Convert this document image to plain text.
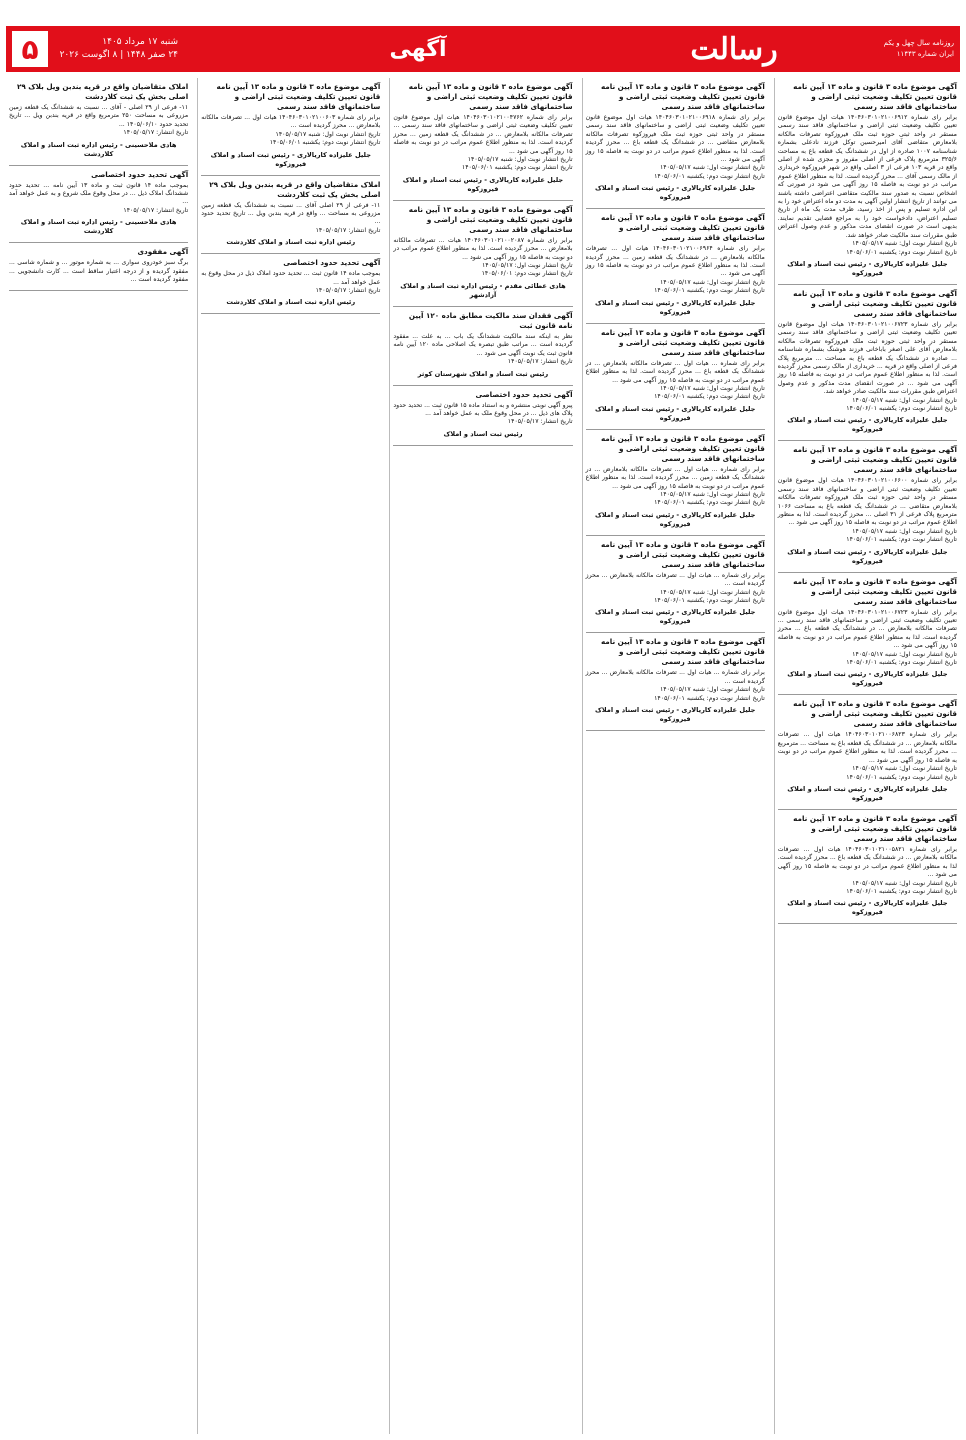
روزنامه سال چهل و یکم
ایران شماره ۱۱۴۴۳
رسالت
آگهی
شنبه ۱۷ مرداد ۱۴۰۵
۲۴ صفر ۱۴۴۸ | ۸ اگوست ۲۰۲۶
۵
آگهی موضوع ماده ۳ قانون و ماده ۱۳ آیین نامه قانون تعیین تکلیف وضعیت ثبتی اراضی و ساختمانهای فاقد سند رسمی
برابر رای شماره ۱۴۰۴۶۰۳۰۱۰۲۱۰۰۶۹۱۲ هیات اول موضوع قانون تعیین تکلیف وضعیت ثبتی اراضی و ساختمانهای فاقد سند رسمی مستقر در واحد ثبتی حوزه ثبت ملک فیروزکوه تصرفات مالکانه بلامعارض متقاضی آقای امیرحسین توکل فرزند نادعلی بشماره شناسنامه ۱۰۰۷ صادره از اول در ششدانگ یک قطعه باغ به مساحت ۳۲۵/۶ مترمربع پلاک فرعی از اصلی مفروز و مجزی شده از اصلی واقع در قریه ۱۰۳ فرعی از ۳ اصلی واقع در شهر فیروزکوه خریداری از مالک رسمی آقای ... محرز گردیده است. لذا به منظور اطلاع عموم مراتب در دو نوبت به فاصله ۱۵ روز آگهی می شود در صورتی که اشخاص نسبت به صدور سند مالکیت متقاضی اعتراضی داشته باشند می توانند از تاریخ انتشار اولین آگهی به مدت دو ماه اعتراض خود را به این اداره تسلیم و پس از اخذ رسید، ظرف مدت یک ماه از تاریخ تسلیم اعتراض، دادخواست خود را به مراجع قضایی تقدیم نمایند. بدیهی است در صورت انقضای مدت مذکور و عدم وصول اعتراض طبق مقررات سند مالکیت صادر خواهد شد.
تاریخ انتشار نوبت اول: شنبه ۱۴۰۵/۰۵/۱۷
تاریخ انتشار نوبت دوم: یکشنبه ۱۴۰۵/۰۶/۰۱
جلیل علیزاده کاریالاری - رئیس ثبت اسناد و املاک فیروزکوه
آگهی موضوع ماده ۳ قانون و ماده ۱۳ آیین نامه قانون تعیین تکلیف وضعیت ثبتی اراضی و ساختمانهای فاقد سند رسمی
برابر رای شماره ۱۴۰۴۶۰۳۰۱۰۲۱۰۰۶۷۲۳ هیات اول موضوع قانون تعیین تکلیف وضعیت ثبتی اراضی و ساختمانهای فاقد سند رسمی مستقر در واحد ثبتی حوزه ثبت ملک فیروزکوه تصرفات مالکانه بلامعارض آقای علی اصغر باباخانی فرزند هوشنگ بشماره شناسنامه ... صادره در ششدانگ یک قطعه باغ به مساحت ... مترمربع پلاک فرعی از اصلی واقع در قریه ... خریداری از مالک رسمی محرز گردیده است. لذا به منظور اطلاع عموم مراتب در دو نوبت به فاصله ۱۵ روز آگهی می شود ... در صورت انقضای مدت مذکور و عدم وصول اعتراض طبق مقررات سند مالکیت صادر خواهد شد.
تاریخ انتشار نوبت اول: شنبه ۱۴۰۵/۰۵/۱۷
تاریخ انتشار نوبت دوم: یکشنبه ۱۴۰۵/۰۶/۰۱
جلیل علیزاده کاریالاری - رئیس ثبت اسناد و املاک فیروزکوه
آگهی موضوع ماده ۳ قانون و ماده ۱۳ آیین نامه قانون تعیین تکلیف وضعیت ثبتی اراضی و ساختمانهای فاقد سند رسمی
برابر رای شماره ۱۴۰۴۶۰۳۰۱۰۲۱۰۰۶۶۰۰ هیات اول موضوع قانون تعیین تکلیف وضعیت ثبتی اراضی و ساختمانهای فاقد سند رسمی مستقر در واحد ثبتی حوزه ثبت ملک فیروزکوه تصرفات مالکانه بلامعارض متقاضی ... در ششدانگ یک قطعه باغ به مساحت ۱۰۶۶ مترمربع پلاک فرعی از ۳۱ اصلی ... محرز گردیده است. لذا به منظور اطلاع عموم مراتب در دو نوبت به فاصله ۱۵ روز آگهی می شود ...
تاریخ انتشار نوبت اول: شنبه ۱۴۰۵/۰۵/۱۷
تاریخ انتشار نوبت دوم: یکشنبه ۱۴۰۵/۰۶/۰۱
جلیل علیزاده کاریالاری - رئیس ثبت اسناد و املاک فیروزکوه
آگهی موضوع ماده ۳ قانون و ماده ۱۳ آیین نامه قانون تعیین تکلیف وضعیت ثبتی اراضی و ساختمانهای فاقد سند رسمی
برابر رای شماره ۱۴۰۴۶۰۳۰۱۰۲۱۰۰۶۷۲۳ هیات اول موضوع قانون تعیین تکلیف وضعیت ثبتی اراضی و ساختمانهای فاقد سند رسمی ... تصرفات مالکانه بلامعارض ... در ششدانگ یک قطعه باغ ... محرز گردیده است. لذا به منظور اطلاع عموم مراتب در دو نوبت به فاصله ۱۵ روز آگهی می شود ...
تاریخ انتشار نوبت اول: شنبه ۱۴۰۵/۰۵/۱۷
تاریخ انتشار نوبت دوم: یکشنبه ۱۴۰۵/۰۶/۰۱
جلیل علیزاده کاریالاری - رئیس ثبت اسناد و املاک فیروزکوه
آگهی موضوع ماده ۳ قانون و ماده ۱۳ آیین نامه قانون تعیین تکلیف وضعیت ثبتی اراضی و ساختمانهای فاقد سند رسمی
برابر رای شماره ۱۴۰۴۶۰۳۰۱۰۲۱۰۰۶۸۲۳ هیات اول ... تصرفات مالکانه بلامعارض ... در ششدانگ یک قطعه باغ به مساحت ... مترمربع ... محرز گردیده است. لذا به منظور اطلاع عموم مراتب در دو نوبت به فاصله ۱۵ روز آگهی می شود ...
تاریخ انتشار نوبت اول: شنبه ۱۴۰۵/۰۵/۱۷
تاریخ انتشار نوبت دوم: یکشنبه ۱۴۰۵/۰۶/۰۱
جلیل علیزاده کاریالاری - رئیس ثبت اسناد و املاک فیروزکوه
آگهی موضوع ماده ۳ قانون و ماده ۱۳ آیین نامه قانون تعیین تکلیف وضعیت ثبتی اراضی و ساختمانهای فاقد سند رسمی
برابر رای شماره ۱۴۰۴۶۰۳۰۱۰۲۱۰۰۵۸۲۱ هیات اول ... تصرفات مالکانه بلامعارض ... در ششدانگ یک قطعه باغ ... محرز گردیده است. لذا به منظور اطلاع عموم مراتب در دو نوبت به فاصله ۱۵ روز آگهی می شود ...
تاریخ انتشار نوبت اول: شنبه ۱۴۰۵/۰۵/۱۷
تاریخ انتشار نوبت دوم: یکشنبه ۱۴۰۵/۰۶/۰۱
جلیل علیزاده کاریالاری - رئیس ثبت اسناد و املاک فیروزکوه
آگهی موضوع ماده ۳ قانون و ماده ۱۳ آیین نامه قانون تعیین تکلیف وضعیت ثبتی اراضی و ساختمانهای فاقد سند رسمی
برابر رای شماره ۱۴۰۴۶۰۳۰۱۰۲۱۰۰۶۹۱۸ هیات اول موضوع قانون تعیین تکلیف وضعیت ثبتی اراضی و ساختمانهای فاقد سند رسمی مستقر در واحد ثبتی حوزه ثبت ملک فیروزکوه تصرفات مالکانه بلامعارض متقاضی ... در ششدانگ یک قطعه باغ ... محرز گردیده است. لذا به منظور اطلاع عموم مراتب در دو نوبت به فاصله ۱۵ روز آگهی می شود ...
تاریخ انتشار نوبت اول: شنبه ۱۴۰۵/۰۵/۱۷
تاریخ انتشار نوبت دوم: یکشنبه ۱۴۰۵/۰۶/۰۱
جلیل علیزاده کاریالاری - رئیس ثبت اسناد و املاک فیروزکوه
آگهی موضوع ماده ۳ قانون و ماده ۱۳ آیین نامه قانون تعیین تکلیف وضعیت ثبتی اراضی و ساختمانهای فاقد سند رسمی
برابر رای شماره ۱۴۰۴۶۰۳۰۱۰۲۱۰۰۶۹۶۴ هیات اول ... تصرفات مالکانه بلامعارض ... در ششدانگ یک قطعه زمین ... محرز گردیده است. لذا به منظور اطلاع عموم مراتب در دو نوبت به فاصله ۱۵ روز آگهی می شود ...
تاریخ انتشار نوبت اول: شنبه ۱۴۰۵/۰۵/۱۷
تاریخ انتشار نوبت دوم: یکشنبه ۱۴۰۵/۰۶/۰۱
جلیل علیزاده کاریالاری - رئیس ثبت اسناد و املاک فیروزکوه
آگهی موضوع ماده ۳ قانون و ماده ۱۳ آیین نامه قانون تعیین تکلیف وضعیت ثبتی اراضی و ساختمانهای فاقد سند رسمی
برابر رای شماره ... هیات اول ... تصرفات مالکانه بلامعارض ... در ششدانگ یک قطعه باغ ... محرز گردیده است. لذا به منظور اطلاع عموم مراتب در دو نوبت به فاصله ۱۵ روز آگهی می شود ...
تاریخ انتشار نوبت اول: شنبه ۱۴۰۵/۰۵/۱۷
تاریخ انتشار نوبت دوم: یکشنبه ۱۴۰۵/۰۶/۰۱
جلیل علیزاده کاریالاری - رئیس ثبت اسناد و املاک فیروزکوه
آگهی موضوع ماده ۳ قانون و ماده ۱۳ آیین نامه قانون تعیین تکلیف وضعیت ثبتی اراضی و ساختمانهای فاقد سند رسمی
برابر رای شماره ... هیات اول ... تصرفات مالکانه بلامعارض ... در ششدانگ یک قطعه زمین ... محرز گردیده است. لذا به منظور اطلاع عموم مراتب در دو نوبت به فاصله ۱۵ روز آگهی می شود ...
تاریخ انتشار نوبت اول: شنبه ۱۴۰۵/۰۵/۱۷
تاریخ انتشار نوبت دوم: یکشنبه ۱۴۰۵/۰۶/۰۱
جلیل علیزاده کاریالاری - رئیس ثبت اسناد و املاک فیروزکوه
آگهی موضوع ماده ۳ قانون و ماده ۱۳ آیین نامه قانون تعیین تکلیف وضعیت ثبتی اراضی و ساختمانهای فاقد سند رسمی
برابر رای شماره ... هیات اول ... تصرفات مالکانه بلامعارض ... محرز گردیده است ...
تاریخ انتشار نوبت اول: شنبه ۱۴۰۵/۰۵/۱۷
تاریخ انتشار نوبت دوم: یکشنبه ۱۴۰۵/۰۶/۰۱
جلیل علیزاده کاریالاری - رئیس ثبت اسناد و املاک فیروزکوه
آگهی موضوع ماده ۳ قانون و ماده ۱۳ آیین نامه قانون تعیین تکلیف وضعیت ثبتی اراضی و ساختمانهای فاقد سند رسمی
برابر رای شماره ... هیات اول ... تصرفات مالکانه بلامعارض ... محرز گردیده است ...
تاریخ انتشار نوبت اول: شنبه ۱۴۰۵/۰۵/۱۷
تاریخ انتشار نوبت دوم: یکشنبه ۱۴۰۵/۰۶/۰۱
جلیل علیزاده کاریالاری - رئیس ثبت اسناد و املاک فیروزکوه
آگهی موضوع ماده ۳ قانون و ماده ۱۳ آیین نامه قانون تعیین تکلیف وضعیت ثبتی اراضی و ساختمانهای فاقد سند رسمی
برابر رای شماره ۱۴۰۴۶۰۳۰۱۰۲۱۰۰۴۷۶۲ هیات اول موضوع قانون تعیین تکلیف وضعیت ثبتی اراضی و ساختمانهای فاقد سند رسمی ... تصرفات مالکانه بلامعارض ... در ششدانگ یک قطعه زمین ... محرز گردیده است. لذا به منظور اطلاع عموم مراتب در دو نوبت به فاصله ۱۵ روز آگهی می شود ...
تاریخ انتشار نوبت اول: شنبه ۱۴۰۵/۰۵/۱۷
تاریخ انتشار نوبت دوم: یکشنبه ۱۴۰۵/۰۶/۰۱
جلیل علیزاده کاریالاری - رئیس ثبت اسناد و املاک فیروزکوه
آگهی موضوع ماده ۳ قانون و ماده ۱۳ آیین نامه قانون تعیین تکلیف وضعیت ثبتی اراضی و ساختمانهای فاقد سند رسمی
برابر رای شماره ۱۴۰۴۶۰۳۰۱۰۲۱۰۰۲۰۸۷ هیات ... تصرفات مالکانه بلامعارض ... محرز گردیده است. لذا به منظور اطلاع عموم مراتب در دو نوبت به فاصله ۱۵ روز آگهی می شود ...
تاریخ انتشار نوبت اول: ۱۴۰۵/۰۵/۱۷
تاریخ انتشار نوبت دوم: ۱۴۰۵/۰۶/۰۱
هادی عطائی مقدم - رئیس اداره ثبت اسناد و املاک آزادشهر
آگهی فقدان سند مالکیت مطابق ماده ۱۲۰ آیین نامه قانون ثبت
نظر به اینکه سند مالکیت ششدانگ یک باب ... به علت ... مفقود گردیده است ... مراتب طبق تبصره یک اصلاحی ماده ۱۲۰ آیین نامه قانون ثبت یک نوبت آگهی می شود ...
تاریخ انتشار: ۱۴۰۵/۰۵/۱۷
رئیس ثبت اسناد و املاک شهرستان کوثر
آگهی تحدید حدود اختصاصی
پیرو آگهی نوبتی منتشره و به استناد ماده ۱۵ قانون ثبت ... تحدید حدود پلاک های ذیل ... در محل وقوع ملک به عمل خواهد آمد ...
تاریخ انتشار: ۱۴۰۵/۰۵/۱۷
رئیس ثبت اسناد و املاک
آگهی موضوع ماده ۳ قانون و ماده ۱۳ آیین نامه قانون تعیین تکلیف وضعیت ثبتی اراضی و ساختمانهای فاقد سند رسمی
برابر رای شماره ۱۴۰۴۶۰۳۰۱۰۲۱۰۰۶۰۳ هیات اول ... تصرفات مالکانه بلامعارض ... محرز گردیده است ...
تاریخ انتشار نوبت اول: شنبه ۱۴۰۵/۰۵/۱۷
تاریخ انتشار نوبت دوم: یکشنبه ۱۴۰۵/۰۶/۰۱
جلیل علیزاده کاریالاری - رئیس ثبت اسناد و املاک فیروزکوه
املاک متقاضیان واقع در قریه بندبن ویل بلاک ۲۹ اصلی بخش یک ثبت کلاردشت
۱۱- فرعی از ۲۹ اصلی آقای ... نسبت به ششدانگ یک قطعه زمین مزروعی به مساحت ... واقع در قریه بندبن ویل ... تاریخ تحدید حدود ...
تاریخ انتشار: ۱۴۰۵/۰۵/۱۷
رئیس اداره ثبت اسناد و املاک کلاردشت
آگهی تحدید حدود اختصاصی
بموجب ماده ۱۴ قانون ثبت ... تحدید حدود املاک ذیل در محل وقوع به عمل خواهد آمد ...
تاریخ انتشار: ۱۴۰۵/۰۵/۱۷
رئیس اداره ثبت اسناد و املاک کلاردشت
املاک متقاضیان واقع در قریه بندبن ویل بلاک ۲۹ اصلی بخش یک ثبت کلاردشت
۱۱- فرعی از ۲۹ اصلی - آقای ... نسبت به ششدانگ یک قطعه زمین مزروعی به مساحت ۲۵۰ مترمربع واقع در قریه بندبن ویل ... تاریخ تحدید حدود ۱۴۰۵/۰۶/۱۰ ...
تاریخ انتشار: ۱۴۰۵/۰۵/۱۷
هادی ملاحسینی - رئیس اداره ثبت اسناد و املاک کلاردشت
آگهی تحدید حدود اختصاصی
بموجب ماده ۱۴ قانون ثبت و ماده ۱۳ آیین نامه ... تحدید حدود ششدانگ املاک ذیل ... در محل وقوع ملک شروع و به عمل خواهد آمد ...
تاریخ انتشار: ۱۴۰۵/۰۵/۱۷
هادی ملاحسینی - رئیس اداره ثبت اسناد و املاک کلاردشت
آگهی مفقودی
برگ سبز خودروی سواری ... به شماره موتور ... و شماره شاسی ... مفقود گردیده و از درجه اعتبار ساقط است ... کارت دانشجویی ... مفقود گردیده است ...
